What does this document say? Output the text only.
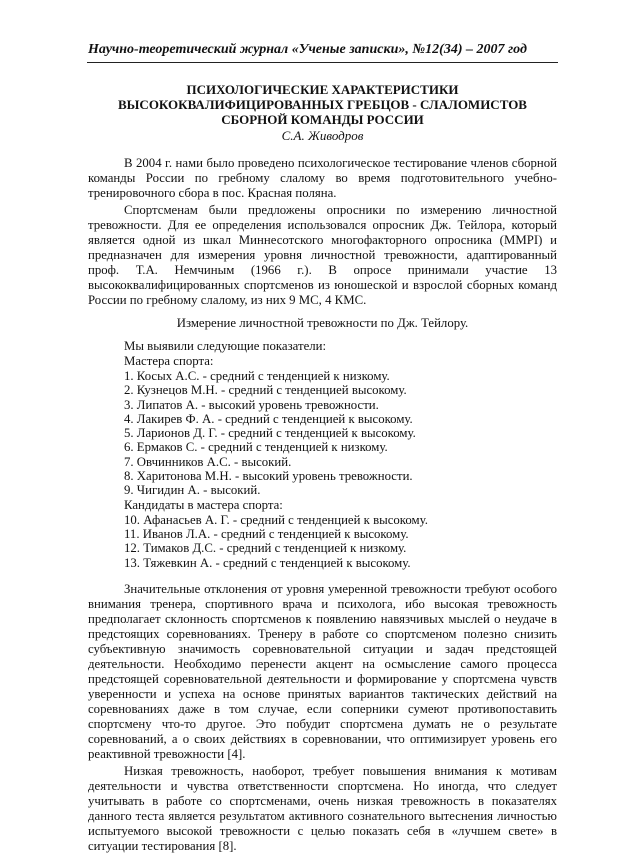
Научно-теоретический журнал «Ученые записки», №12(34) – 2007 год
ПСИХОЛОГИЧЕСКИЕ ХАРАКТЕРИСТИКИ ВЫСОКОКВАЛИФИЦИРОВАННЫХ ГРЕБЦОВ - СЛАЛОМИСТОВ СБОРНОЙ КОМАНДЫ РОССИИ
С.А. Живодров

В 2004 г. нами было проведено психологическое тестирование членов сборной команды России по гребному слалому во время подготовительного учебно-тренировочного сбора в пос. Красная поляна.

Спортсменам были предложены опросники по измерению личностной тревожности. Для ее определения использовался опросник Дж. Тейлора, который является одной из шкал Миннесотского многофакторного опросника (MMPI) и предназначен для измерения уровня личностной тревожности, адаптированный проф. Т.А. Немчиным (1966 г.). В опросе принимали участие 13 высококвалифицированных спортсменов из юношеской и взрослой сборных команд России по гребному слалому, из них 9 МС, 4 КМС.

Измерение личностной тревожности по Дж. Тейлору.

Мы выявили следующие показатели:

Мастера спорта:

1. Косых А.С. - средний с тенденцией к низкому.
2. Кузнецов М.Н. - средний с тенденцией высокому.
3. Липатов А. - высокий уровень тревожности.
4. Лакирев Ф. А. - средний с тенденцией к высокому.
5. Ларионов Д. Г. - средний с тенденцией к высокому.
6. Ермаков С. - средний с тенденцией к низкому.
7. Овчинников А.С. - высокий.
8. Харитонова М.Н. - высокий уровень тревожности.
9. Чигидин А. - высокий.

Кандидаты в мастера спорта:

10. Афанасьев А. Г. - средний с тенденцией к высокому.
11. Иванов Л.А. - средний с тенденцией к высокому.
12. Тимаков Д.С. - средний с тенденцией к низкому.
13. Тяжевкин А. - средний с тенденцией к высокому.

Значительные отклонения от уровня умеренной тревожности требуют особого внимания тренера, спортивного врача и психолога, ибо высокая тревожность предполагает склонность спортсменов к появлению навязчивых мыслей о неудаче в предстоящих соревнованиях. Тренеру в работе со спортсменом полезно снизить субъективную значимость соревновательной ситуации и задач предстоящей деятельности. Необходимо перенести акцент на осмысление самого процесса предстоящей соревновательной деятельности и формирование у спортсмена чувств уверенности и успеха на основе принятых вариантов тактических действий на соревнованиях даже в том случае, если соперники сумеют противопоставить спортсмену что-то другое. Это побудит спортсмена думать не о результате соревнований, а о своих действиях в соревновании, что оптимизирует уровень его реактивной тревожности [4].

Низкая тревожность, наоборот, требует повышения внимания к мотивам деятельности и чувства ответственности спортсмена. Но иногда, что следует учитывать в работе со спортсменами, очень низкая тревожность в показателях данного теста является результатом активного сознательного вытеснения личностью испытуемого высокой тревожности с целью показать себя в «лучшем свете» в ситуации тестирования [8].
